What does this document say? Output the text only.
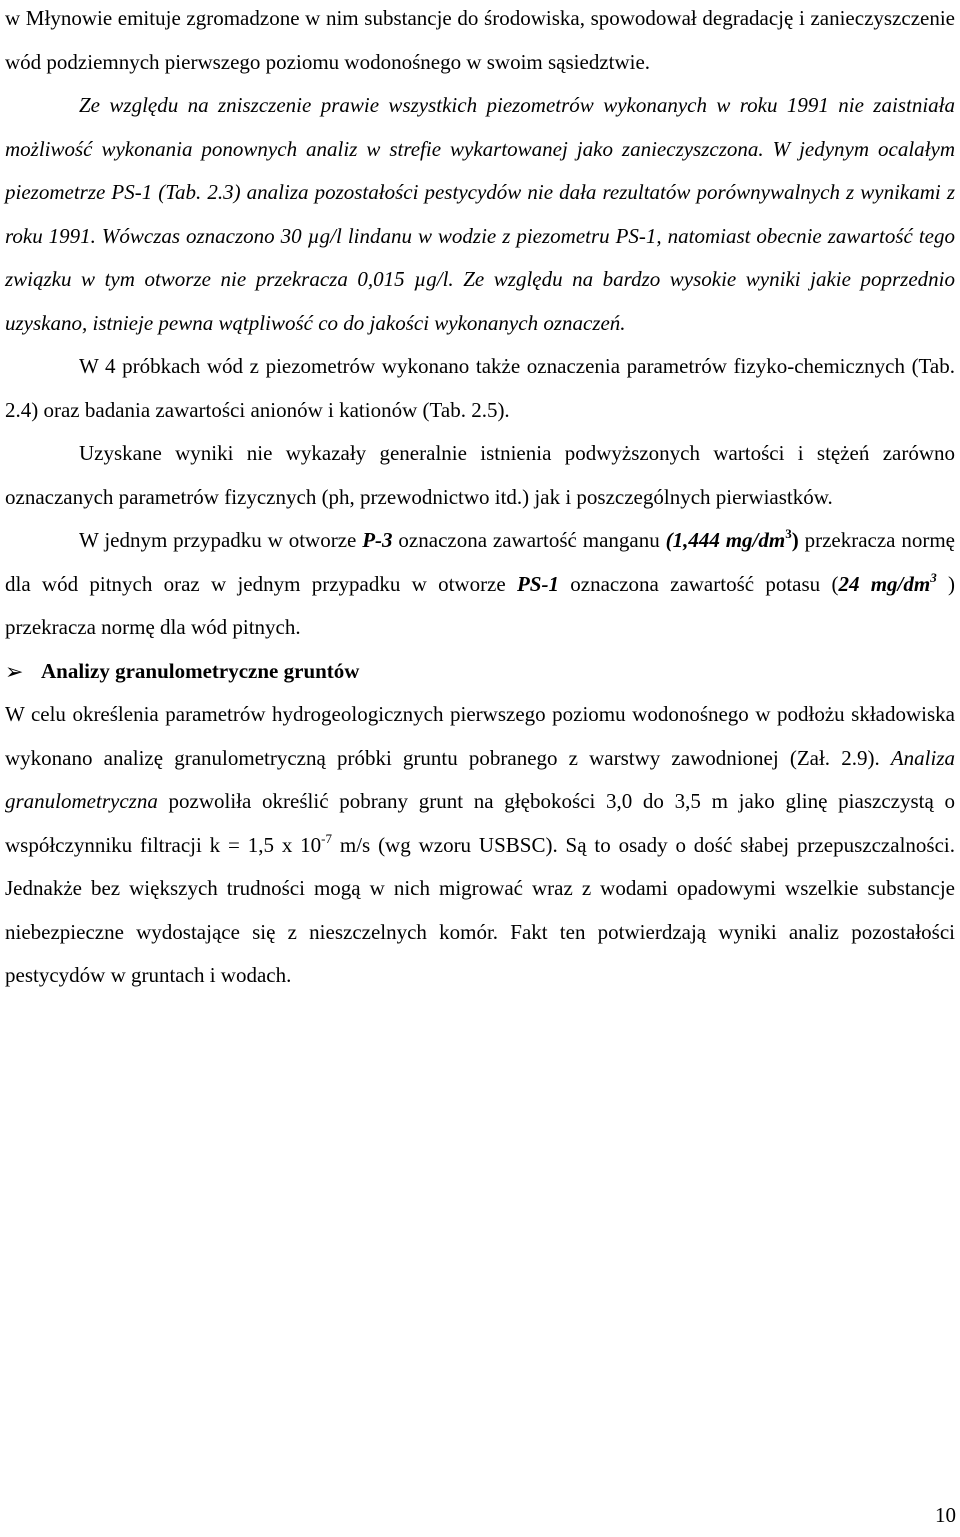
w Młynowie emituje zgromadzone w nim substancje do środowiska, spowodował degradację i zanieczyszczenie wód podziemnych pierwszego poziomu wodonośnego w swoim sąsiedztwie.

Ze względu na zniszczenie prawie wszystkich piezometrów wykonanych w roku 1991 nie zaistniała możliwość wykonania ponownych analiz w strefie wykartowanej jako zanieczyszczona. W jedynym ocalałym piezometrze PS-1 (Tab. 2.3) analiza pozostałości pestycydów nie dała rezultatów porównywalnych z wynikami z roku 1991. Wówczas oznaczono 30 µg/l lindanu w wodzie z piezometru PS-1, natomiast obecnie zawartość tego związku w tym otworze nie przekracza 0,015 µg/l. Ze względu na bardzo wysokie wyniki jakie poprzednio uzyskano, istnieje pewna wątpliwość co do jakości wykonanych oznaczeń.

W 4 próbkach wód z piezometrów wykonano także oznaczenia parametrów fizyko-chemicznych (Tab. 2.4) oraz badania zawartości anionów i kationów (Tab. 2.5).

Uzyskane wyniki nie wykazały generalnie istnienia podwyższonych wartości i stężeń zarówno oznaczanych parametrów fizycznych (ph, przewodnictwo itd.) jak i poszczególnych pierwiastków.

W jednym przypadku w otworze P-3 oznaczona zawartość manganu (1,444 $mg/dm^3$) przekracza normę dla wód pitnych oraz w jednym przypadku w otworze PS-1 oznaczona zawartość potasu (24 $mg/dm^3$ ) przekracza normę dla wód pitnych.

➢ Analizy granulometryczne gruntów

W celu określenia parametrów hydrogeologicznych pierwszego poziomu wodonośnego w podłożu składowiska wykonano analizę granulometryczną próbki gruntu pobranego z warstwy zawodnionej (Zał. 2.9). Analiza granulometryczna pozwoliła określić pobrany grunt na głębokości 3,0 do 3,5 m jako glinę piaszczystą o współczynniku filtracji k = 1,5 x $10^{-7}$ m/s (wg wzoru USBSC). Są to osady o dość słabej przepuszczalności. Jednakże bez większych trudności mogą w nich migrować wraz z wodami opadowymi wszelkie substancje niebezpieczne wydostające się z nieszczelnych komór. Fakt ten potwierdzają wyniki analiz pozostałości pestycydów w gruntach i wodach.

10
